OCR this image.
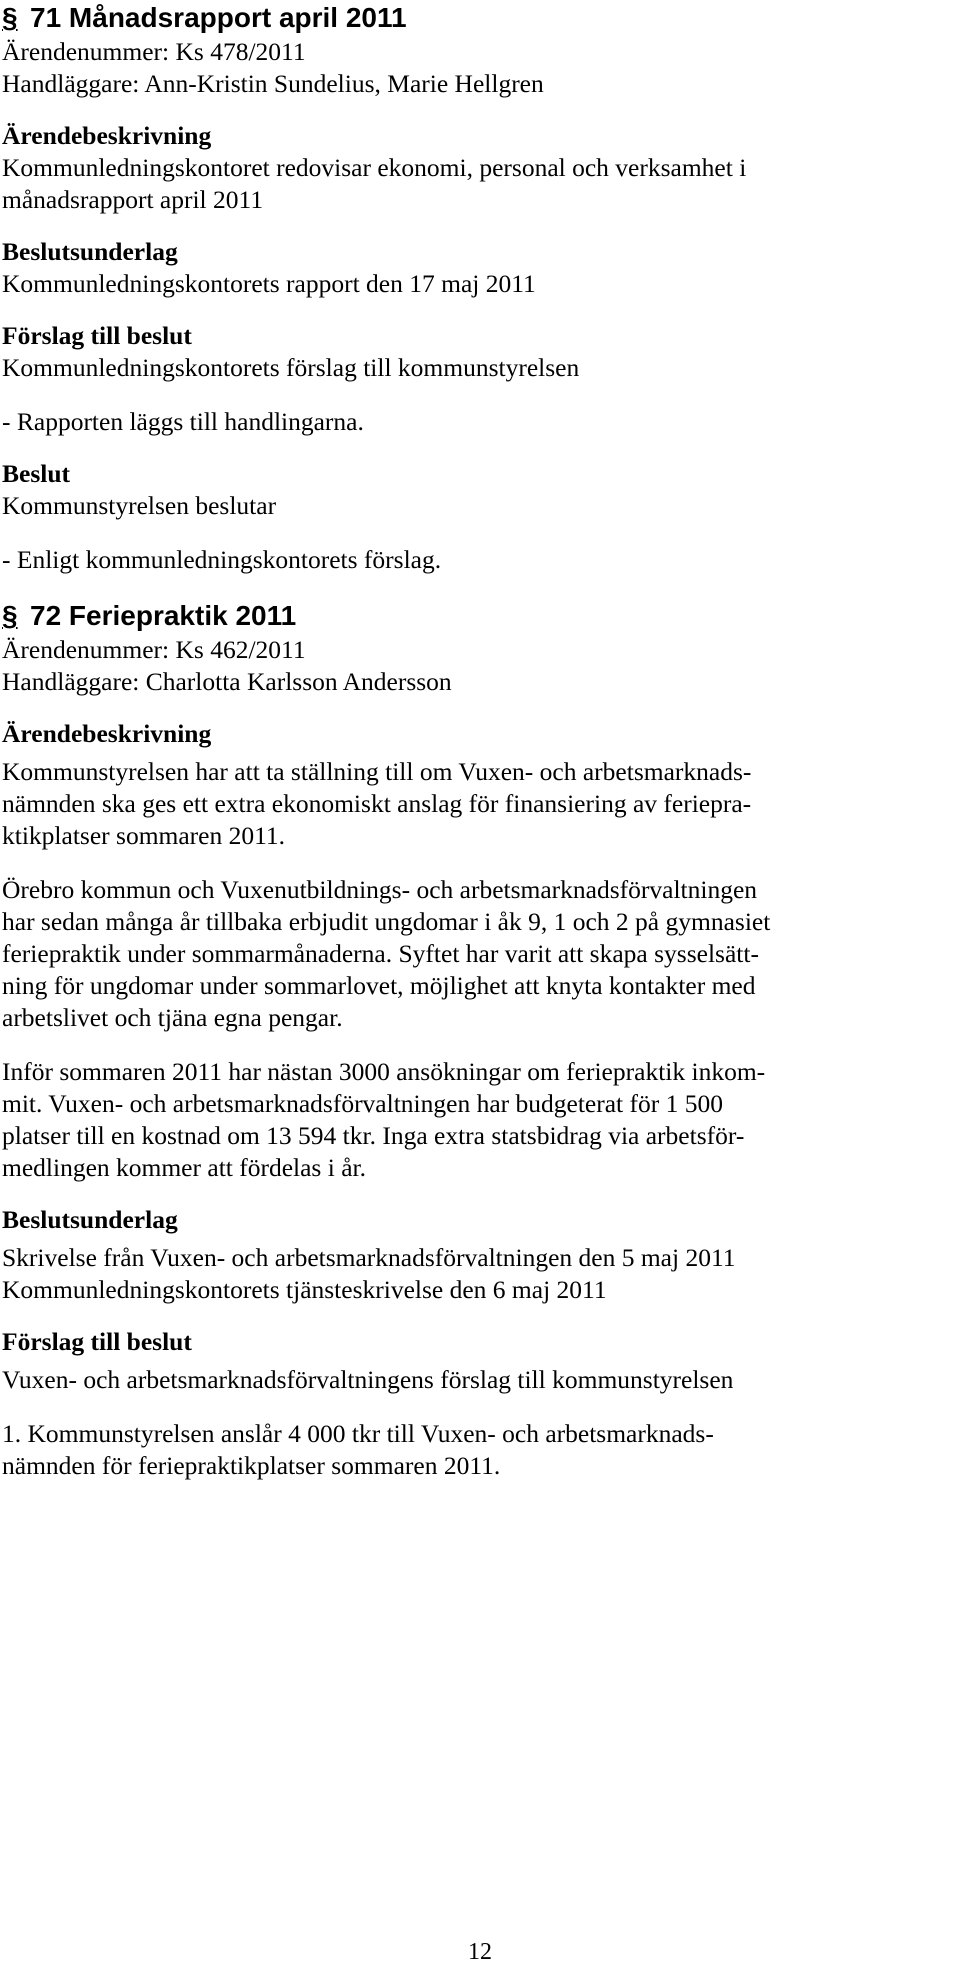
§ 71 Månadsrapport april 2011

Ärendenummer: Ks 478/2011

Handläggare: Ann-Kristin Sundelius, Marie Hellgren

Ärendebeskrivning

Kommunledningskontoret redovisar ekonomi, personal och verksamhet i

månadsrapport april 2011

Beslutsunderlag

Kommunledningskontorets rapport den 17 maj 2011

Förslag till beslut

Kommunledningskontorets förslag till kommunstyrelsen

- Rapporten läggs till handlingarna.

Beslut

Kommunstyrelsen beslutar

- Enligt kommunledningskontorets förslag.

§ 72 Feriepraktik 2011

Ärendenummer: Ks 462/2011

Handläggare: Charlotta Karlsson Andersson

Ärendebeskrivning

Kommunstyrelsen har att ta ställning till om Vuxen- och arbetsmarknads-

nämnden ska ges ett extra ekonomiskt anslag för finansiering av feriepra-

ktikplatser sommaren 2011.

Örebro kommun och Vuxenutbildnings- och arbetsmarknadsförvaltningen

har sedan många år tillbaka erbjudit ungdomar i åk 9, 1 och 2 på gymnasiet

feriepraktik under sommarmånaderna. Syftet har varit att skapa sysselsätt-

ning för ungdomar under sommarlovet, möjlighet att knyta kontakter med

arbetslivet och tjäna egna pengar.

Inför sommaren 2011 har nästan 3000 ansökningar om feriepraktik inkom-

mit. Vuxen- och arbetsmarknadsförvaltningen har budgeterat för 1 500

platser till en kostnad om 13 594 tkr. Inga extra statsbidrag via arbetsför-

medlingen kommer att fördelas i år.

Beslutsunderlag

Skrivelse från Vuxen- och arbetsmarknadsförvaltningen den 5 maj 2011

Kommunledningskontorets tjänsteskrivelse den 6 maj 2011

Förslag till beslut

Vuxen- och arbetsmarknadsförvaltningens förslag till kommunstyrelsen

1. Kommunstyrelsen anslår 4 000 tkr till Vuxen- och arbetsmarknads-

nämnden för feriepraktikplatser sommaren 2011.

12
